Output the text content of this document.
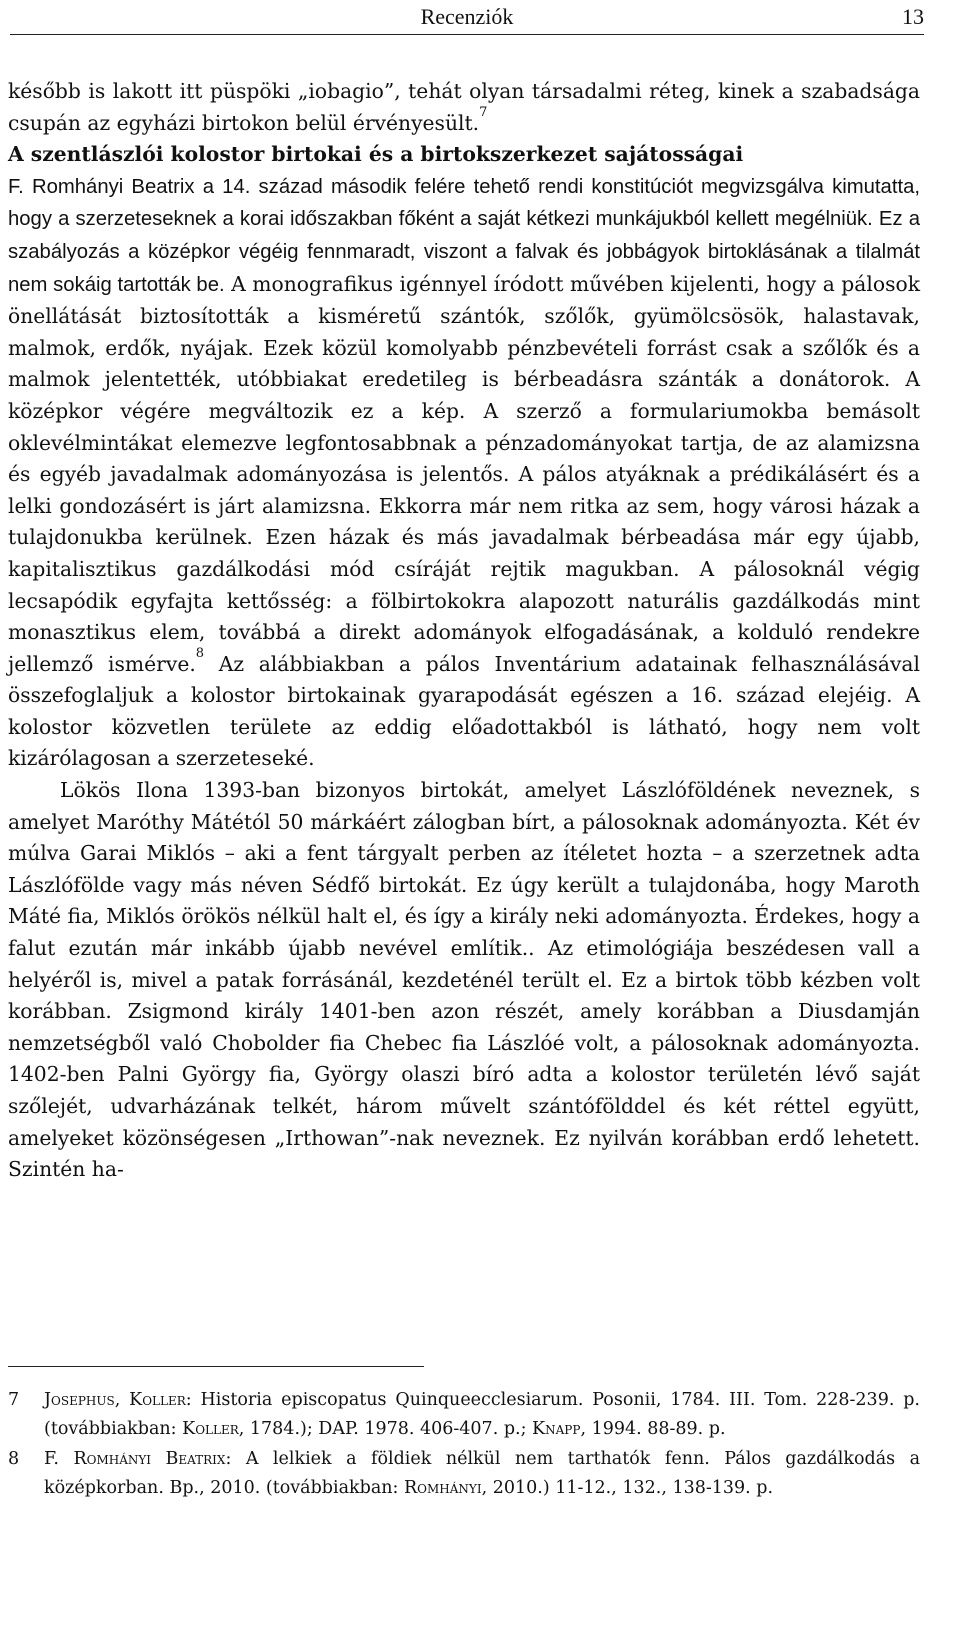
Recenziók	13

később is lakott itt püspöki „iobagio”, tehát olyan társadalmi réteg, kinek a szabadsága csupán az egyházi birtokon belül érvényesült.$^7$

A szentlászlói kolostor birtokai és a birtokszerkezet sajátosságai

F. Romhányi Beatrix a 14. század második felére tehető rendi konstitúciót megvizsgálva kimutatta, hogy a szerzeteseknek a korai időszakban főként a saját kétkezi munkájukból kellett megélniük. Ez a szabályozás a középkor végéig fennmaradt, viszont a falvak és jobbágyok birtoklásának a tilalmát nem sokáig tartották be. A monografikus igénnyel íródott művében kijelenti, hogy a pálosok önellátását biztosították a kisméretű szántók, szőlők, gyümölcsösök, halastavak, malmok, erdők, nyájak. Ezek közül komolyabb pénzbevételi forrást csak a szőlők és a malmok jelentették, utóbbiakat eredetileg is bérbeadásra szánták a donátorok. A középkor végére megváltozik ez a kép. A szerző a formulariumokba bemásolt oklevélmintákat elemezve legfontosabbnak a pénzadományokat tartja, de az alamizsna és egyéb javadalmak adományozása is jelentős. A pálos atyáknak a prédikálásért és a lelki gondozásért is járt alamizsna. Ekkorra már nem ritka az sem, hogy városi házak a tulajdonukba kerülnek. Ezen házak és más javadalmak bérbeadása már egy újabb, kapitalisztikus gazdálkodási mód csíráját rejtik magukban. A pálosoknál végig lecsapódik egyfajta kettősség: a fölbirtokokra alapozott naturális gazdálkodás mint monasztikus elem, továbbá a direkt adományok elfogadásának, a kolduló rendekre jellemző ismérve.$^8$ Az alábbiakban a pálos Inventárium adatainak felhasználásával összefoglaljuk a kolostor birtokainak gyarapodását egészen a 16. század elejéig. A kolostor közvetlen területe az eddig előadottakból is látható, hogy nem volt kizárólagosan a szerzeteseké.

Lökös Ilona 1393-ban bizonyos birtokát, amelyet Lászlóföldének neveznek, s amelyet Maróthy Mátétól 50 márkáért zálogban bírt, a pálosoknak adományozta. Két év múlva Garai Miklós – aki a fent tárgyalt perben az ítéletet hozta – a szerzetnek adta Lászlófölde vagy más néven Sédfő birtokát. Ez úgy került a tulajdonába, hogy Maroth Máté fia, Miklós örökös nélkül halt el, és így a király neki adományozta. Érdekes, hogy a falut ezután már inkább újabb nevével említik.. Az etimológiája beszédesen vall a helyéről is, mivel a patak forrásánál, kezdeténél terült el. Ez a birtok több kézben volt korábban. Zsigmond király 1401-ben azon részét, amely korábban a Diusdamján nemzetségből való Chobolder fia Chebec fia Lászlóé volt, a pálosoknak adományozta. 1402-ben Palni György fia, György olaszi bíró adta a kolostor területén lévő saját szőlejét, udvarházának telkét, három művelt szántófölddel és két réttel együtt, amelyeket közönségesen „Irthowan”-nak neveznek. Ez nyilván korábban erdő lehetett. Szintén ha-

7 Josephus, Koller: Historia episcopatus Quinqueecclesiarum. Posonii, 1784. III. Tom. 228-239. p. (továbbiakban: Koller, 1784.); DAP. 1978. 406-407. p.; Knapp, 1994. 88-89. p.
8 F. Romhányi Beatrix: A lelkiek a földiek nélkül nem tarthatók fenn. Pálos gazdálkodás a középkorban. Bp., 2010. (továbbiakban: Romhányi, 2010.) 11-12., 132., 138-139. p.
